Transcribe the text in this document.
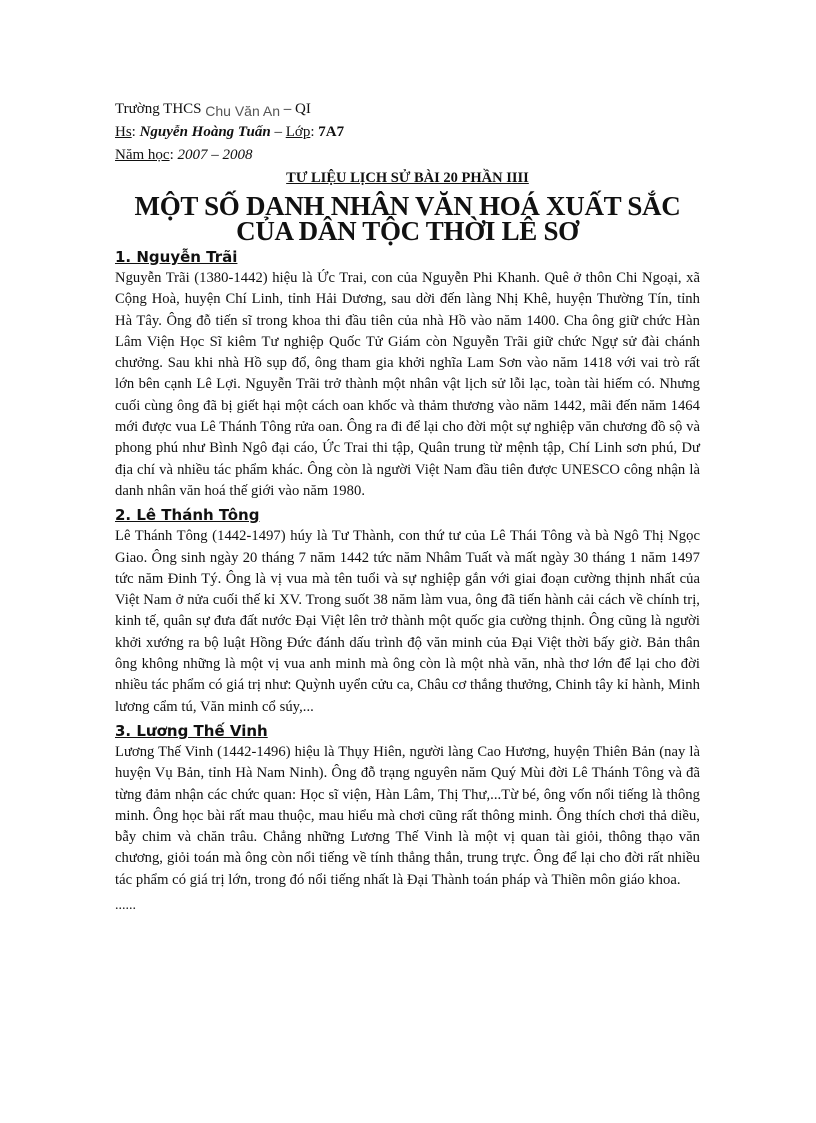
Trường THCS Chu Văn An – QI
Hs: Nguyễn Hoàng Tuấn – Lớp: 7A7
Năm học: 2007 – 2008
TƯ LIỆU LỊCH SỬ BÀI 20 PHẦN IIII
MỘT SỐ DANH NHÂN VĂN HOÁ XUẤT SẮC
CỦA DÂN TỘC THỜI LÊ SƠ
1. Nguyễn Trãi

Nguyễn Trãi (1380-1442) hiệu là Ức Trai, con của Nguyễn Phi Khanh. Quê ở thôn Chi Ngoại, xã Cộng Hoà, huyện Chí Linh, tỉnh Hải Dương, sau dời đến làng Nhị Khê, huyện Thường Tín, tỉnh Hà Tây. Ông đỗ tiến sĩ trong khoa thi đầu tiên của nhà Hồ vào năm 1400. Cha ông giữ chức Hàn Lâm Viện Học Sĩ kiêm Tư nghiệp Quốc Tử Giám còn Nguyễn Trãi giữ chức Ngự sử đài chánh chưởng. Sau khi nhà Hồ sụp đổ, ông tham gia khởi nghĩa Lam Sơn vào năm 1418 với vai trò rất lớn bên cạnh Lê Lợi. Nguyễn Trãi trở thành một nhân vật lịch sử lỗi lạc, toàn tài hiếm có. Nhưng cuối cùng ông đã bị giết hại một cách oan khốc và thảm thương vào năm 1442, mãi đến năm 1464 mới được vua Lê Thánh Tông rửa oan. Ông ra đi để lại cho đời một sự nghiệp văn chương đồ sộ và phong phú như Bình Ngô đại cáo, Ức Trai thi tập, Quân trung từ mệnh tập, Chí Linh sơn phú, Dư địa chí và nhiều tác phẩm khác. Ông còn là người Việt Nam đầu tiên được UNESCO công nhận là danh nhân văn hoá thế giới vào năm 1980.

2. Lê Thánh Tông

Lê Thánh Tông (1442-1497) húy là Tư Thành, con thứ tư của Lê Thái Tông và bà Ngô Thị Ngọc Giao. Ông sinh ngày 20 tháng 7 năm 1442 tức năm Nhâm Tuất và mất ngày 30 tháng 1 năm 1497 tức năm Đinh Tý. Ông là vị vua mà tên tuổi và sự nghiệp gắn với giai đoạn cường thịnh nhất của Việt Nam ở nửa cuối thế kỉ XV. Trong suốt 38 năm làm vua, ông đã tiến hành cải cách về chính trị, kinh tế, quân sự đưa đất nước Đại Việt lên trở thành một quốc gia cường thịnh. Ông cũng là người khởi xướng ra bộ luật Hồng Đức đánh dấu trình độ văn minh của Đại Việt thời bấy giờ. Bản thân ông không những là một vị vua anh minh mà ông còn là một nhà văn, nhà thơ lớn để lại cho đời nhiều tác phẩm có giá trị như: Quỳnh uyển cửu ca, Châu cơ thắng thưởng, Chinh tây kỉ hành, Minh lương cẩm tú, Văn minh cổ súy,...

3. Lương Thế Vinh

Lương Thế Vinh (1442-1496) hiệu là Thụy Hiên, người làng Cao Hương, huyện Thiên Bản (nay là huyện Vụ Bản, tỉnh Hà Nam Ninh). Ông đỗ trạng nguyên năm Quý Mùi đời Lê Thánh Tông và đã từng đảm nhận các chức quan: Học sĩ viện, Hàn Lâm, Thị Thư,...Từ bé, ông vốn nổi tiếng là thông minh. Ông học bài rất mau thuộc, mau hiểu mà chơi cũng rất thông minh. Ông thích chơi thả diều, bẫy chim và chăn trâu. Chẳng những Lương Thế Vinh là một vị quan tài giỏi, thông thạo văn chương, giỏi toán mà ông còn nổi tiếng về tính thẳng thắn, trung trực. Ông để lại cho đời rất nhiều tác phẩm có giá trị lớn, trong đó nổi tiếng nhất là Đại Thành toán pháp và Thiền môn giáo khoa.

......
